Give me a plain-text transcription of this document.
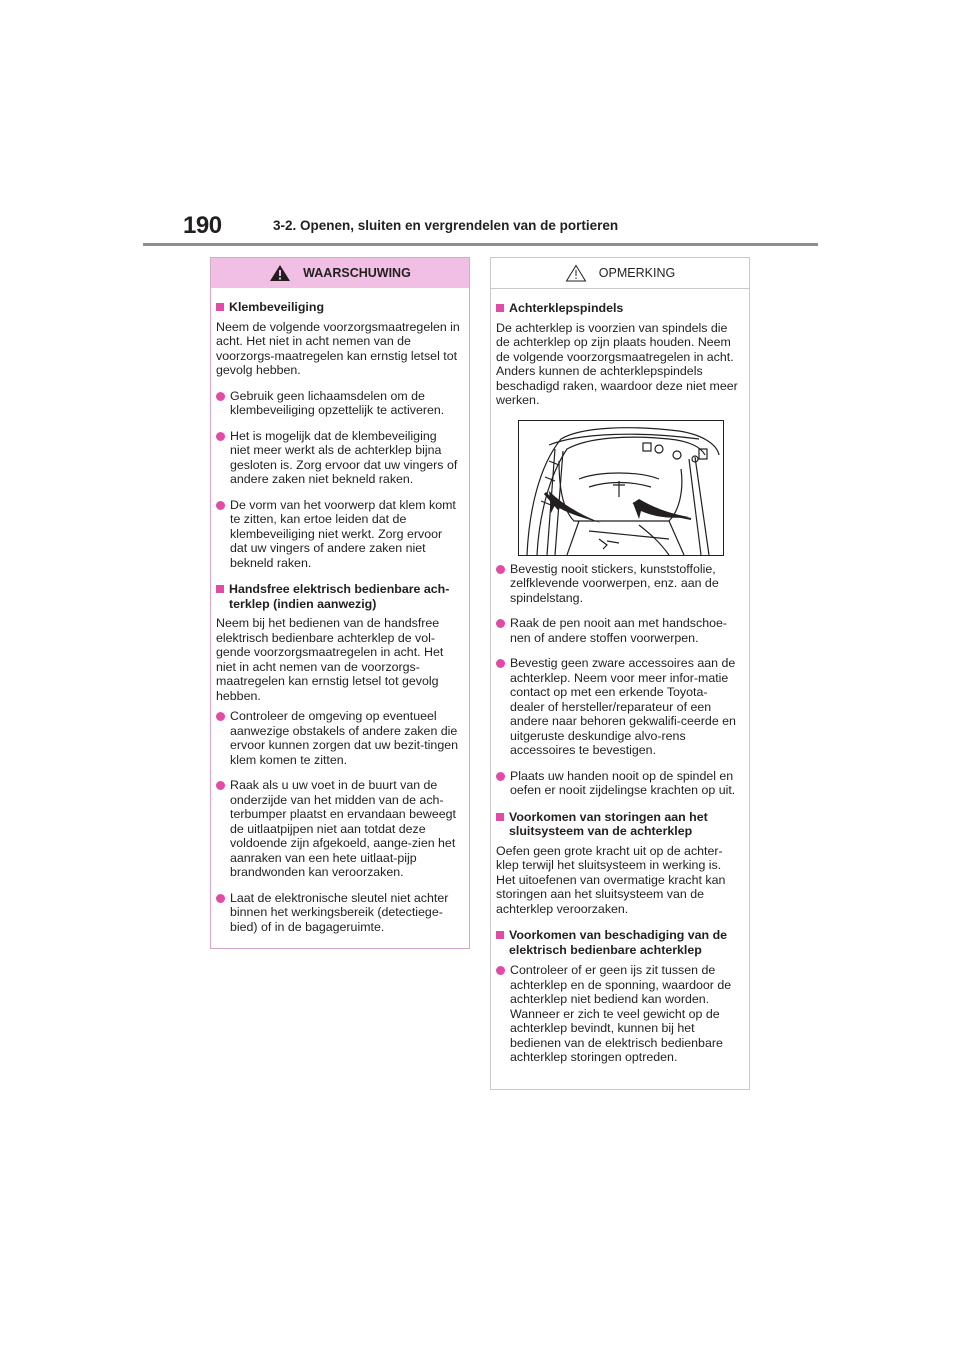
190	3-2. Openen, sluiten en vergrendelen van de portieren
WAARSCHUWING
Klembeveiliging
Neem de volgende voorzorgsmaatregelen in acht. Het niet in acht nemen van de voorzorgs-maatregelen kan ernstig letsel tot gevolg hebben.
Gebruik geen lichaamsdelen om de klembeveiliging opzettelijk te activeren.
Het is mogelijk dat de klembeveiliging niet meer werkt als de achterklep bijna gesloten is. Zorg ervoor dat uw vingers of andere zaken niet bekneld raken.
De vorm van het voorwerp dat klem komt te zitten, kan ertoe leiden dat de klembeveiliging niet werkt. Zorg ervoor dat uw vingers of andere zaken niet bekneld raken.
Handsfree elektrisch bedienbare ach-terklep (indien aanwezig)
Neem bij het bedienen van de handsfree elektrisch bedienbare achterklep de vol-gende voorzorgsmaatregelen in acht. Het niet in acht nemen van de voorzorgs-maatregelen kan ernstig letsel tot gevolg hebben.
Controleer de omgeving op eventueel aanwezige obstakels of andere zaken die ervoor kunnen zorgen dat uw bezit-tingen klem komen te zitten.
Raak als u uw voet in de buurt van de onderzijde van het midden van de ach-terbumper plaatst en ervandaan beweegt de uitlaatpijpen niet aan totdat deze voldoende zijn afgekoeld, aange-zien het aanraken van een hete uitlaat-pijp brandwonden kan veroorzaken.
Laat de elektronische sleutel niet achter binnen het werkingsbereik (detectiege-bied) of in de bagageruimte.
OPMERKING
Achterklepspindels
De achterklep is voorzien van spindels die de achterklep op zijn plaats houden. Neem de volgende voorzorgsmaatregelen in acht. Anders kunnen de achterklepspindels beschadigd raken, waardoor deze niet meer werken.
Bevestig nooit stickers, kunststoffolie, zelfklevende voorwerpen, enz. aan de spindelstang.
Raak de pen nooit aan met handschoe-nen of andere stoffen voorwerpen.
Bevestig geen zware accessoires aan de achterklep. Neem voor meer infor-matie contact op met een erkende Toyota-dealer of hersteller/reparateur of een andere naar behoren gekwalifi-ceerde en uitgeruste deskundige alvo-rens accessoires te bevestigen.
Plaats uw handen nooit op de spindel en oefen er nooit zijdelingse krachten op uit.
Voorkomen van storingen aan het sluitsysteem van de achterklep
Oefen geen grote kracht uit op de achter-klep terwijl het sluitsysteem in werking is. Het uitoefenen van overmatige kracht kan storingen aan het sluitsysteem van de achterklep veroorzaken.
Voorkomen van beschadiging van de elektrisch bedienbare achterklep
Controleer of er geen ijs zit tussen de achterklep en de sponning, waardoor de achterklep niet bediend kan worden. Wanneer er zich te veel gewicht op de achterklep bevindt, kunnen bij het bedienen van de elektrisch bedienbare achterklep storingen optreden.
